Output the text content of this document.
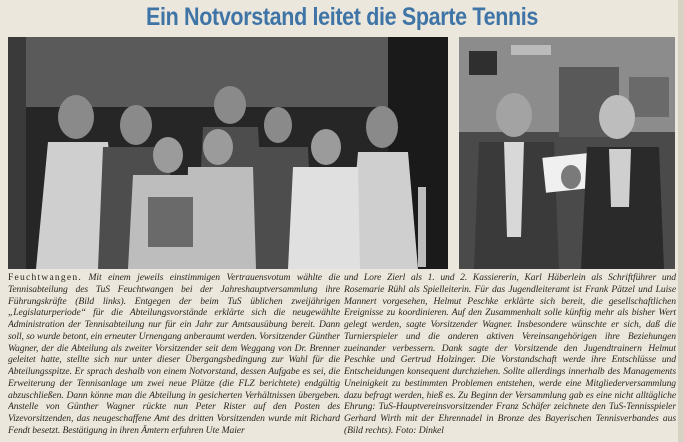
Ein Notvorstand leitet die Sparte Tennis

Feuchtwangen. Mit einem jeweils einstimmigen Vertrauensvotum wählte die Tennisabteilung des TuS Feuchtwangen bei der Jahreshauptversammlung ihre Führungskräfte (Bild links). Entgegen der beim TuS üblichen zweijährigen „Legislaturperiode“ für die Abteilungsvorstände erklärte sich die neugewählte Administration der Tennisabteilung nur für ein Jahr zur Amtsausübung bereit. Dann soll, so wurde betont, ein erneuter Urnengang anberaumt werden. Vorsitzender Günther Wagner, der die Abteilung als zweiter Vorsitzender seit dem Weggang von Dr. Brenner geleitet hatte, stellte sich nur unter dieser Übergangsbedingung zur Wahl für die Abteilungsspitze. Er sprach deshalb von einem Notvorstand, dessen Aufgabe es sei, die Erweiterung der Tennisanlage um zwei neue Plätze (die FLZ berichtete) endgültig abzuschließen. Dann könne man die Abteilung in gesicherten Verhältnissen übergeben. Anstelle von Günther Wagner rückte nun Peter Rister auf den Posten des Vizevorsitzenden, das neugeschaffene Amt des dritten Vorsitzenden wurde mit Richard Fendt besetzt. Bestätigung in ihren Ämtern erfuhren Ute Maier

und Lore Zierl als 1. und 2. Kassiererin, Karl Häberlein als Schriftführer und Rosemarie Rühl als Spielleiterin. Für das Jugendleiteramt ist Frank Pätzel und Luise Mannert vorgesehen, Helmut Peschke erklärte sich bereit, die gesellschaftlichen Ereignisse zu koordinieren. Auf den Zusammenhalt solle künftig mehr als bisher Wert gelegt werden, sagte Vorsitzender Wagner. Insbesondere wünschte er sich, daß die Turnierspieler und die anderen aktiven Vereinsangehörigen ihre Beziehungen zueinander verbessern. Dank sagte der Vorsitzende den Jugendtrainern Helmut Peschke und Gertrud Holzinger. Die Vorstandschaft werde ihre Entschlüsse und Entscheidungen konsequent durchziehen. Sollte allerdings innerhalb des Managements Uneinigkeit zu bestimmten Problemen entstehen, werde eine Mitgliederversammlung dazu befragt werden, hieß es. Zu Beginn der Versammlung gab es eine nicht alltägliche Ehrung: TuS-Hauptvereinsvorsitzender Franz Schäfer zeichnete den TuS-Tennisspieler Gerhard Wirth mit der Ehrennadel in Bronze des Bayerischen Tennisverbandes aus (Bild rechts). Foto: Dinkel
